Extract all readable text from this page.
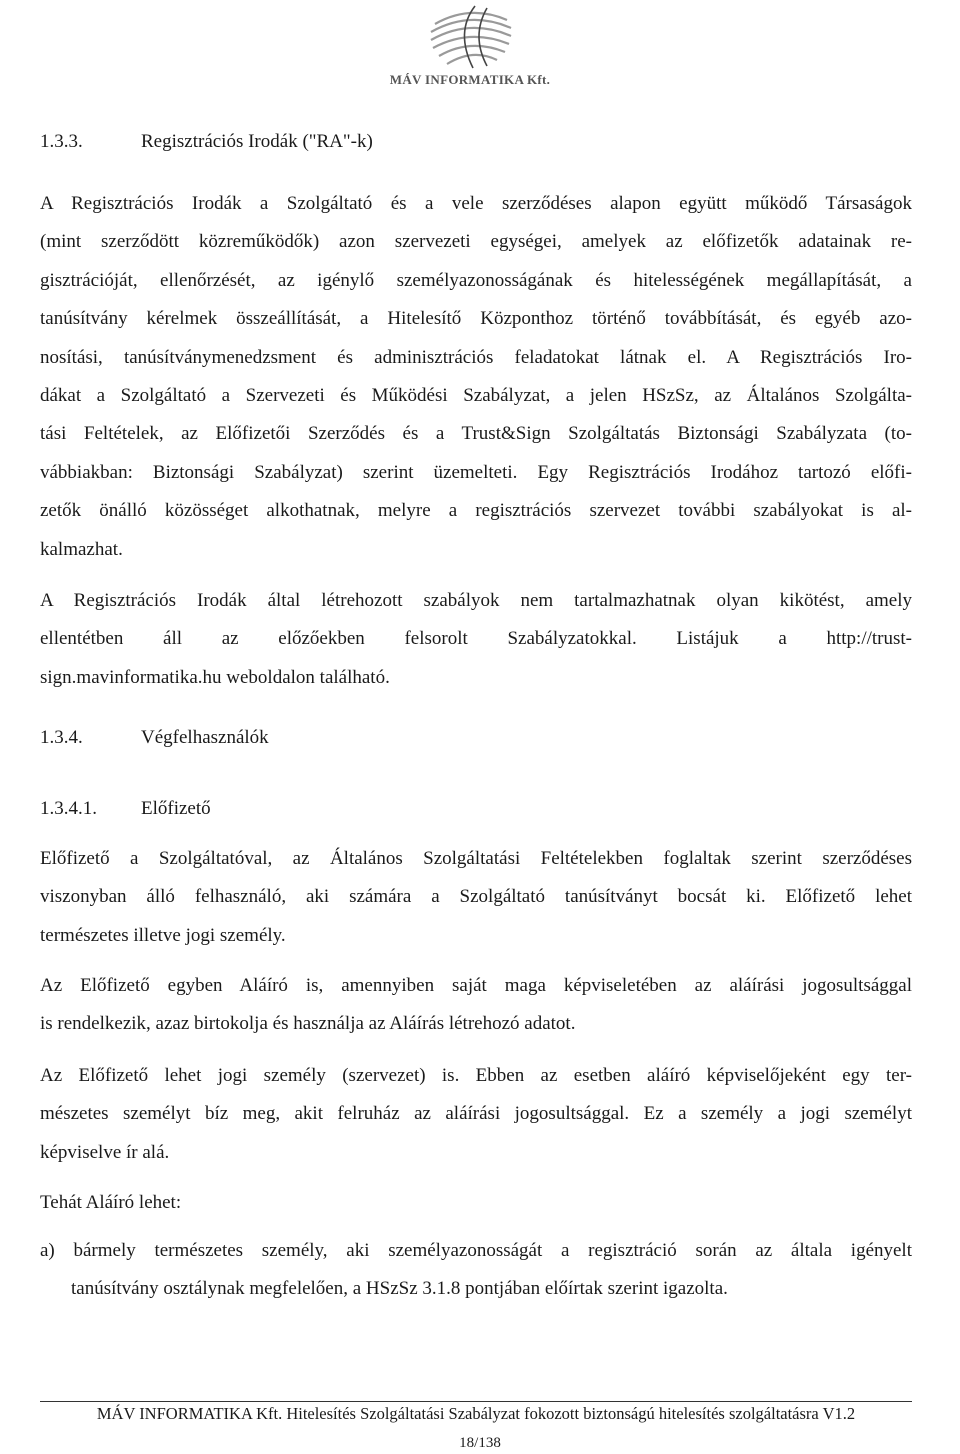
MÁV INFORMATIKA Kft.
1.3.3.	Regisztrációs Irodák ("RA"-k)
A Regisztrációs Irodák a Szolgáltató és a vele szerződéses alapon együtt működő Társaságok
(mint szerződött közreműködők) azon szervezeti egységei, amelyek az előfizetők adatainak re-
gisztrációját, ellenőrzését, az igénylő személyazonosságának és hitelességének megállapítását, a
tanúsítvány kérelmek összeállítását, a Hitelesítő Központhoz történő továbbítását, és egyéb azo-
nosítási, tanúsítványmenedzsment és adminisztrációs feladatokat látnak el. A Regisztrációs Iro-
dákat a Szolgáltató a Szervezeti és Működési Szabályzat, a jelen HSzSz, az Általános Szolgálta-
tási Feltételek, az Előfizetői Szerződés és a Trust&Sign Szolgáltatás Biztonsági Szabályzata (to-
vábbiakban: Biztonsági Szabályzat) szerint üzemelteti. Egy Regisztrációs Irodához tartozó előfi-
zetők önálló közösséget alkothatnak, melyre a regisztrációs szervezet további szabályokat is al-
kalmazhat.
A Regisztrációs Irodák által létrehozott szabályok nem tartalmazhatnak olyan kikötést, amely
ellentétben áll az előzőekben felsorolt Szabályzatokkal. Listájuk a http://trust-
sign.mavinformatika.hu weboldalon található.
1.3.4.	Végfelhasználók
1.3.4.1. Előfizető
Előfizető a Szolgáltatóval, az Általános Szolgáltatási Feltételekben foglaltak szerint szerződéses
viszonyban álló felhasználó, aki számára a Szolgáltató tanúsítványt bocsát ki. Előfizető lehet
természetes illetve jogi személy.
Az Előfizető egyben Aláíró is, amennyiben saját maga képviseletében az aláírási jogosultsággal
is rendelkezik, azaz birtokolja és használja az Aláírás létrehozó adatot.
Az Előfizető lehet jogi személy (szervezet) is. Ebben az esetben aláíró képviselőjeként egy ter-
mészetes személyt bíz meg, akit felruház az aláírási jogosultsággal. Ez a személy a jogi személyt
képviselve ír alá.
Tehát Aláíró lehet:
a) bármely természetes személy, aki személyazonosságát a regisztráció során az általa igényelt
tanúsítvány osztálynak megfelelően, a HSzSz 3.1.8 pontjában előírtak szerint igazolta.
MÁV INFORMATIKA Kft. Hitelesítés Szolgáltatási Szabályzat fokozott biztonságú hitelesítés szolgáltatásra V1.2
18/138
